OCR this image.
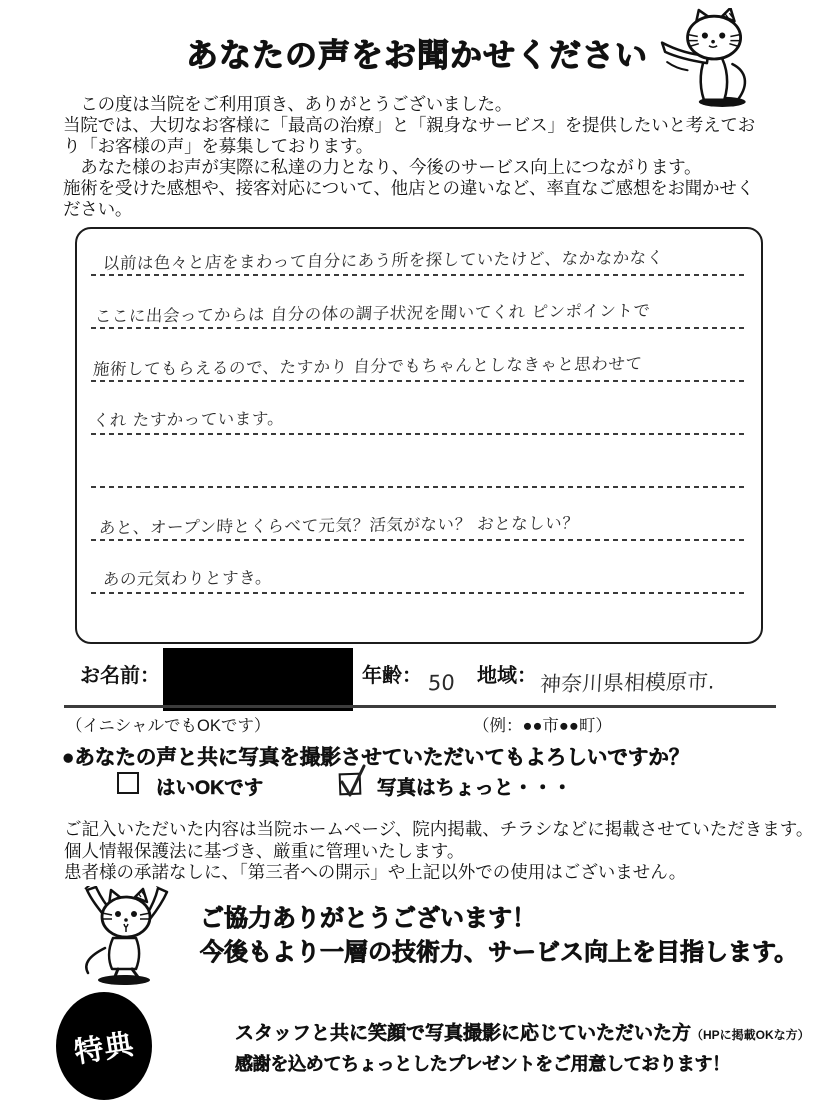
あなたの声をお聞かせください
　この度は当院をご利用頂き、ありがとうございました。
当院では、大切なお客様に「最高の治療」と「親身なサービス」を提供したいと考えてお
り「お客様の声」を募集しております。
　あなた様のお声が実際に私達の力となり、今後のサービス向上につながります。
施術を受けた感想や、接客対応について、他店との違いなど、率直なご感想をお聞かせく
ださい。
以前は色々と店をまわって自分にあう所を探していたけど、なかなかなく
ここに出会ってからは 自分の体の調子状況を聞いてくれ ピンポイントで
施術してもらえるので、たすかり 自分でもちゃんとしなきゃと思わせて
くれ たすかっています。
あと、オープン時とくらべて元気？活気がない？ おとなしい？
あの元気わりとすき。
お名前：	年齢： 50 地域： 神奈川県相模原市.
（イニシャルでもOKです）	（例：●●市●●町）
●あなたの声と共に写真を撮影させていただいてもよろしいですか？
はいOKです	写真はちょっと・・・
ご記入いただいた内容は当院ホームページ、院内掲載、チラシなどに掲載させていただきます。
個人情報保護法に基づき、厳重に管理いたします。
患者様の承諾なしに、「第三者への開示」や上記以外での使用はございません。
ご協力ありがとうございます！
今後もより一層の技術力、サービス向上を目指します。
特典	スタッフと共に笑顔で写真撮影に応じていただいた方（HPに掲載OKな方）
感謝を込めてちょっとしたプレゼントをご用意しております！
